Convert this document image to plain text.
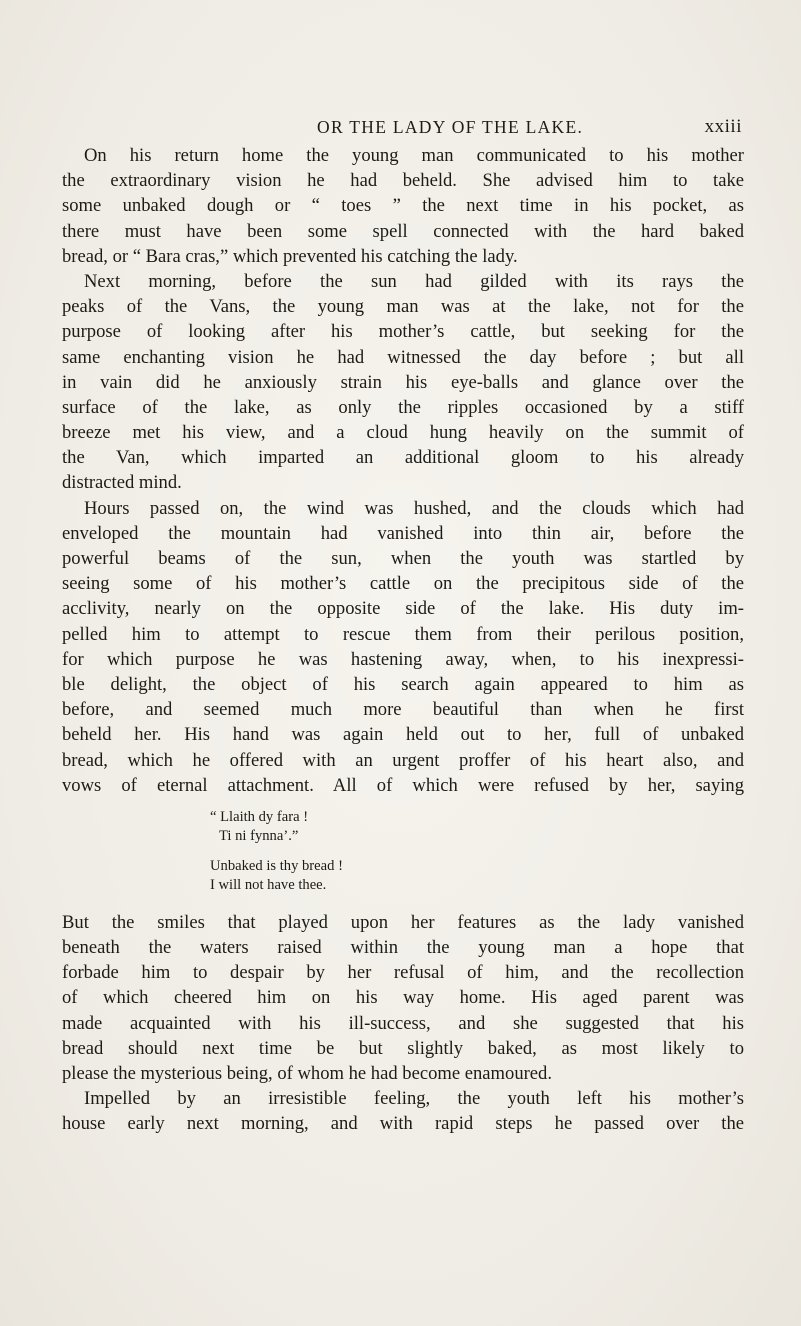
OR THE LADY OF THE LAKE.	xxiii
On his return home the young man communicated to his mother
the extraordinary vision he had beheld. She advised him to take
some unbaked dough or “ toes ” the next time in his pocket, as
there must have been some spell connected with the hard baked
bread, or “ Bara cras,” which prevented his catching the lady.
Next morning, before the sun had gilded with its rays the
peaks of the Vans, the young man was at the lake, not for the
purpose of looking after his mother’s cattle, but seeking for the
same enchanting vision he had witnessed the day before ; but all
in vain did he anxiously strain his eye-balls and glance over the
surface of the lake, as only the ripples occasioned by a stiff
breeze met his view, and a cloud hung heavily on the summit of
the Van, which imparted an additional gloom to his already
distracted mind.
Hours passed on, the wind was hushed, and the clouds which had
enveloped the mountain had vanished into thin air, before the
powerful beams of the sun, when the youth was startled by
seeing some of his mother’s cattle on the precipitous side of the
acclivity, nearly on the opposite side of the lake. His duty im-
pelled him to attempt to rescue them from their perilous position,
for which purpose he was hastening away, when, to his inexpressi-
ble delight, the object of his search again appeared to him as
before, and seemed much more beautiful than when he first
beheld her. His hand was again held out to her, full of unbaked
bread, which he offered with an urgent proffer of his heart also, and
vows of eternal attachment. All of which were refused by her, saying
“ Llaith dy fara !
Ti ni fynna’.”
Unbaked is thy bread !
I will not have thee.
But the smiles that played upon her features as the lady vanished
beneath the waters raised within the young man a hope that
forbade him to despair by her refusal of him, and the recollection
of which cheered him on his way home. His aged parent was
made acquainted with his ill-success, and she suggested that his
bread should next time be but slightly baked, as most likely to
please the mysterious being, of whom he had become enamoured.
Impelled by an irresistible feeling, the youth left his mother’s
house early next morning, and with rapid steps he passed over the
